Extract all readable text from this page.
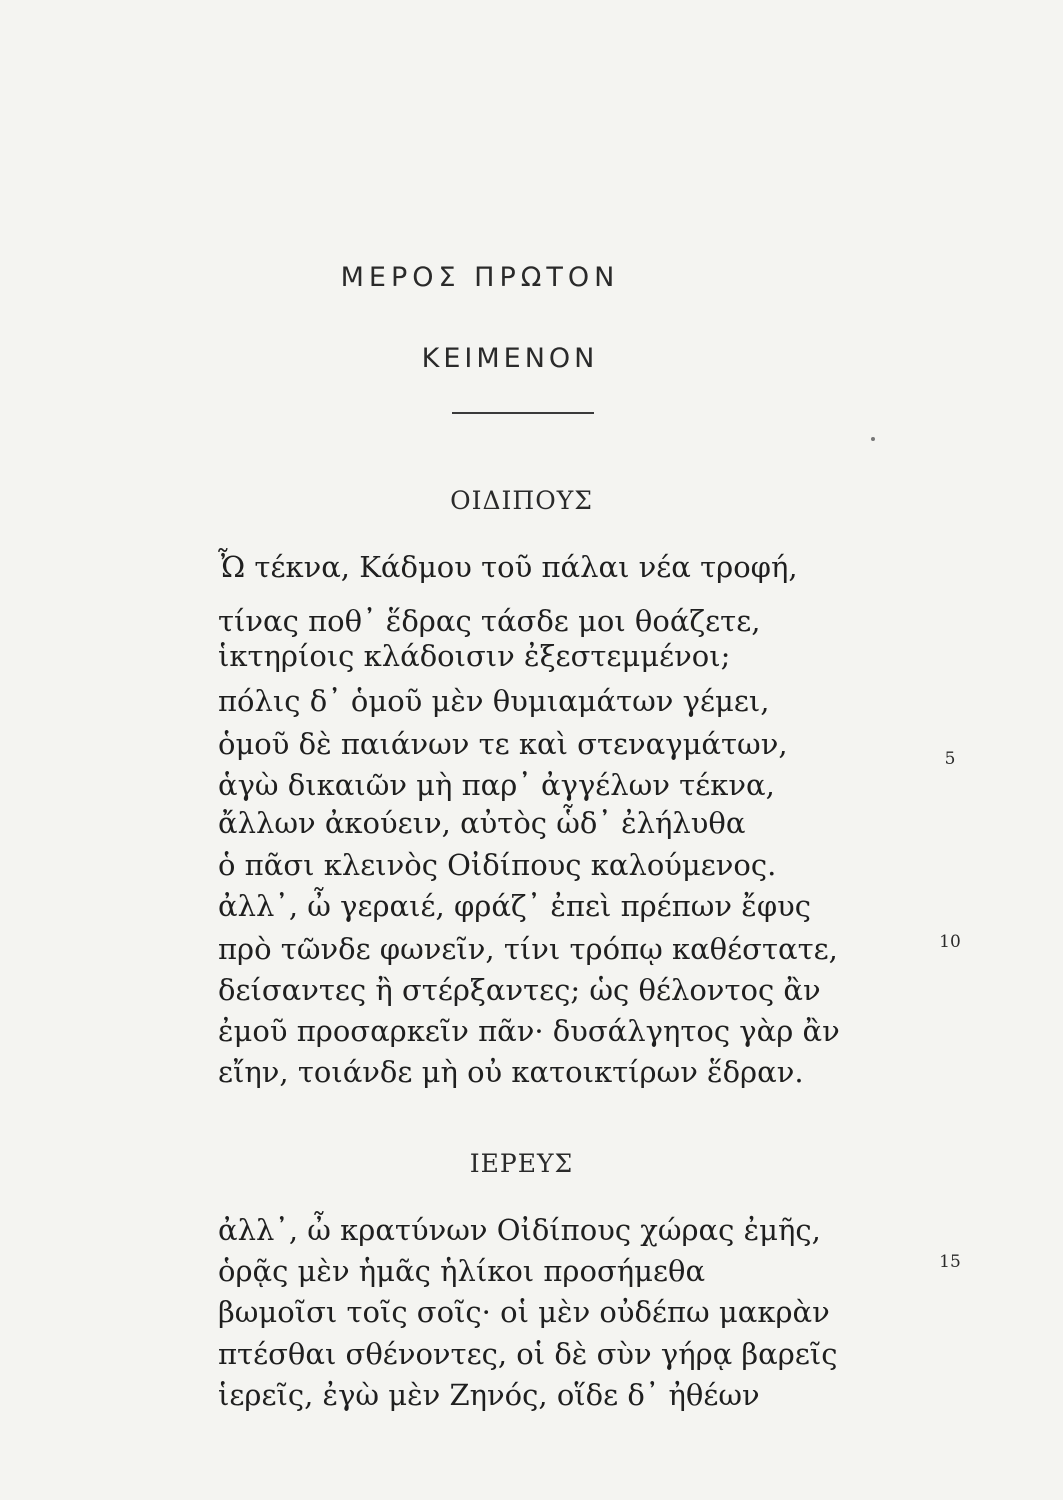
ΜΕΡΟΣ ΠΡΩΤΟΝ
ΚΕΙΜΕΝΟΝ
ΟΙΔΙΠΟΥΣ
Ὦ τέκνα, Κάδμου τοῦ πάλαι νέα τροφή,
τίνας ποθ᾽ ἕδρας τάσδε μοι θοάζετε,
ἱκτηρίοις κλάδοισιν ἐξεστεμμένοι;
πόλις δ᾽ ὁμοῦ μὲν θυμιαμάτων γέμει,
ὁμοῦ δὲ παιάνων τε καὶ στεναγμάτων,
ἁγὼ δικαιῶν μὴ παρ᾽ ἀγγέλων τέκνα,
ἄλλων ἀκούειν, αὐτὸς ὧδ᾽ ἐλήλυθα
ὁ πᾶσι κλεινὸς Οἰδίπους καλούμενος.
ἀλλ᾽, ὦ γεραιέ, φράζ᾽ ἐπεὶ πρέπων ἔφυς
πρὸ τῶνδε φωνεῖν, τίνι τρόπῳ καθέστατε,
δείσαντες ἢ στέρξαντες; ὡς θέλοντος ἂν
ἐμοῦ προσαρκεῖν πᾶν· δυσάλγητος γὰρ ἂν
εἴην, τοιάνδε μὴ οὐ κατοικτίρων ἕδραν.
ΙΕΡΕΥΣ
ἀλλ᾽, ὦ κρατύνων Οἰδίπους χώρας ἐμῆς,
ὁρᾷς μὲν ἡμᾶς ἡλίκοι προσήμεθα
βωμοῖσι τοῖς σοῖς· οἱ μὲν οὐδέπω μακρὰν
πτέσθαι σθένοντες, οἱ δὲ σὺν γήρᾳ βαρεῖς
ἱερεῖς, ἐγὼ μὲν Ζηνός, οἵδε δ᾽ ἠθέων
5
10
15
